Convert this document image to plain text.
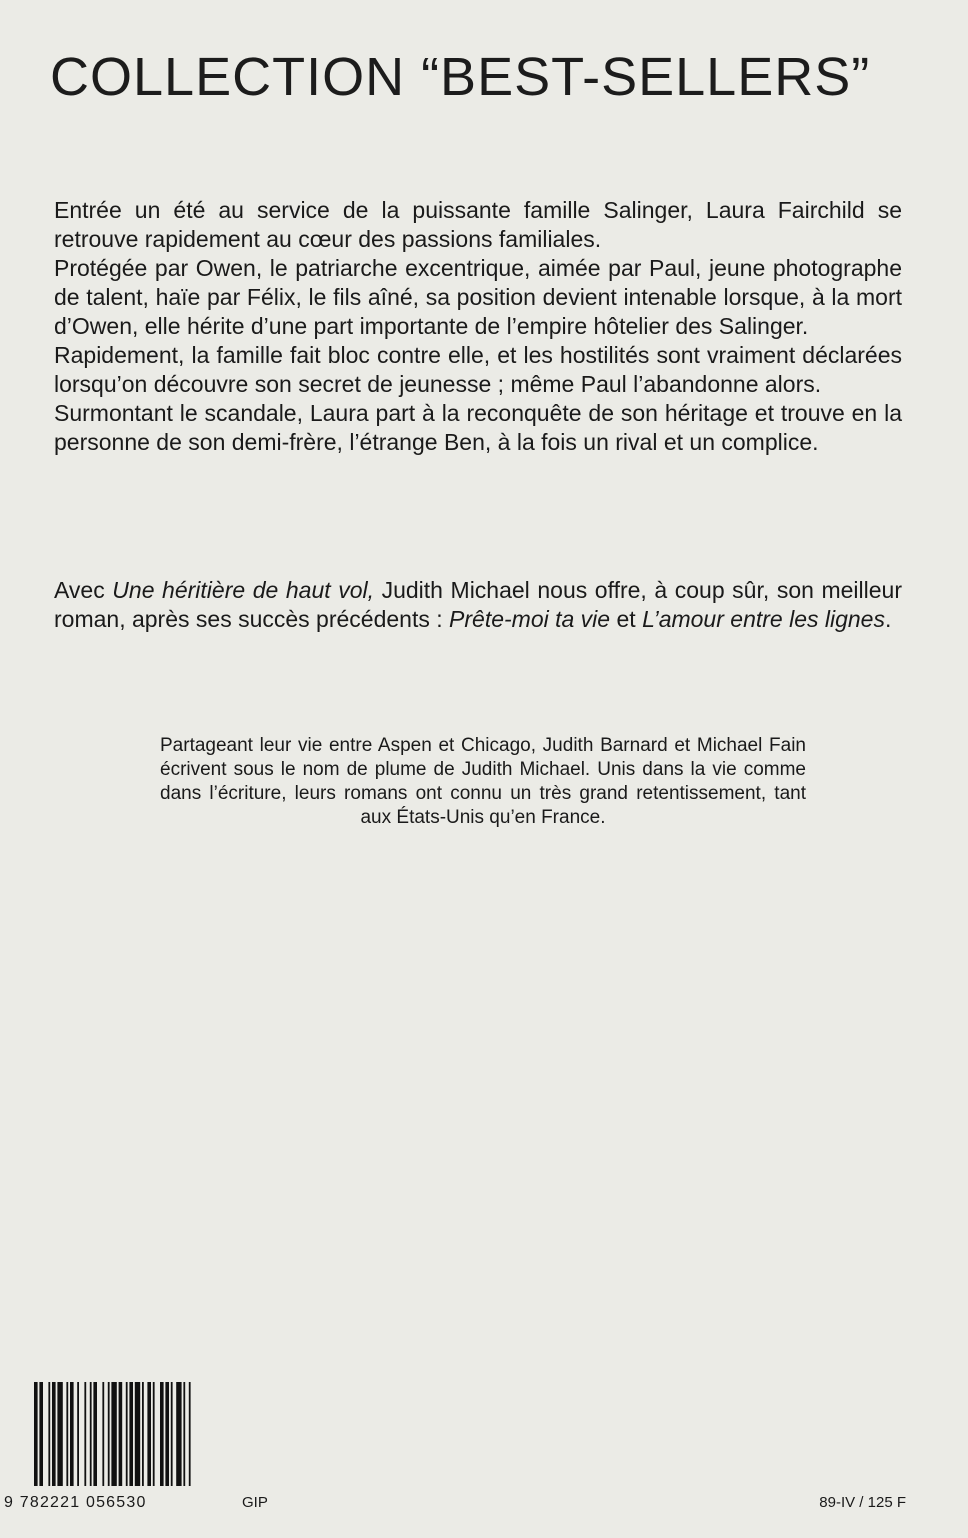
COLLECTION “BEST-SELLERS”

Entrée un été au service de la puissante famille Salinger, Laura Fairchild se retrouve rapidement au cœur des passions familiales.

Protégée par Owen, le patriarche excentrique, aimée par Paul, jeune photographe de talent, haïe par Félix, le fils aîné, sa position devient intenable lorsque, à la mort d’Owen, elle hérite d’une part importante de l’empire hôtelier des Salinger.

Rapidement, la famille fait bloc contre elle, et les hostilités sont vraiment déclarées lorsqu’on découvre son secret de jeunesse ; même Paul l’abandonne alors.

Surmontant le scandale, Laura part à la reconquête de son héritage et trouve en la personne de son demi-frère, l’étrange Ben, à la fois un rival et un complice.

Avec Une héritière de haut vol, Judith Michael nous offre, à coup sûr, son meilleur roman, après ses succès précédents : Prête-moi ta vie et L’amour entre les lignes.

Partageant leur vie entre Aspen et Chicago, Judith Barnard et Michael Fain écrivent sous le nom de plume de Judith Michael. Unis dans la vie comme dans l’écriture, leurs romans ont connu un très grand retentissement, tant aux États-Unis qu’en France.
9 782221 056530	GIP	89-IV / 125 F
